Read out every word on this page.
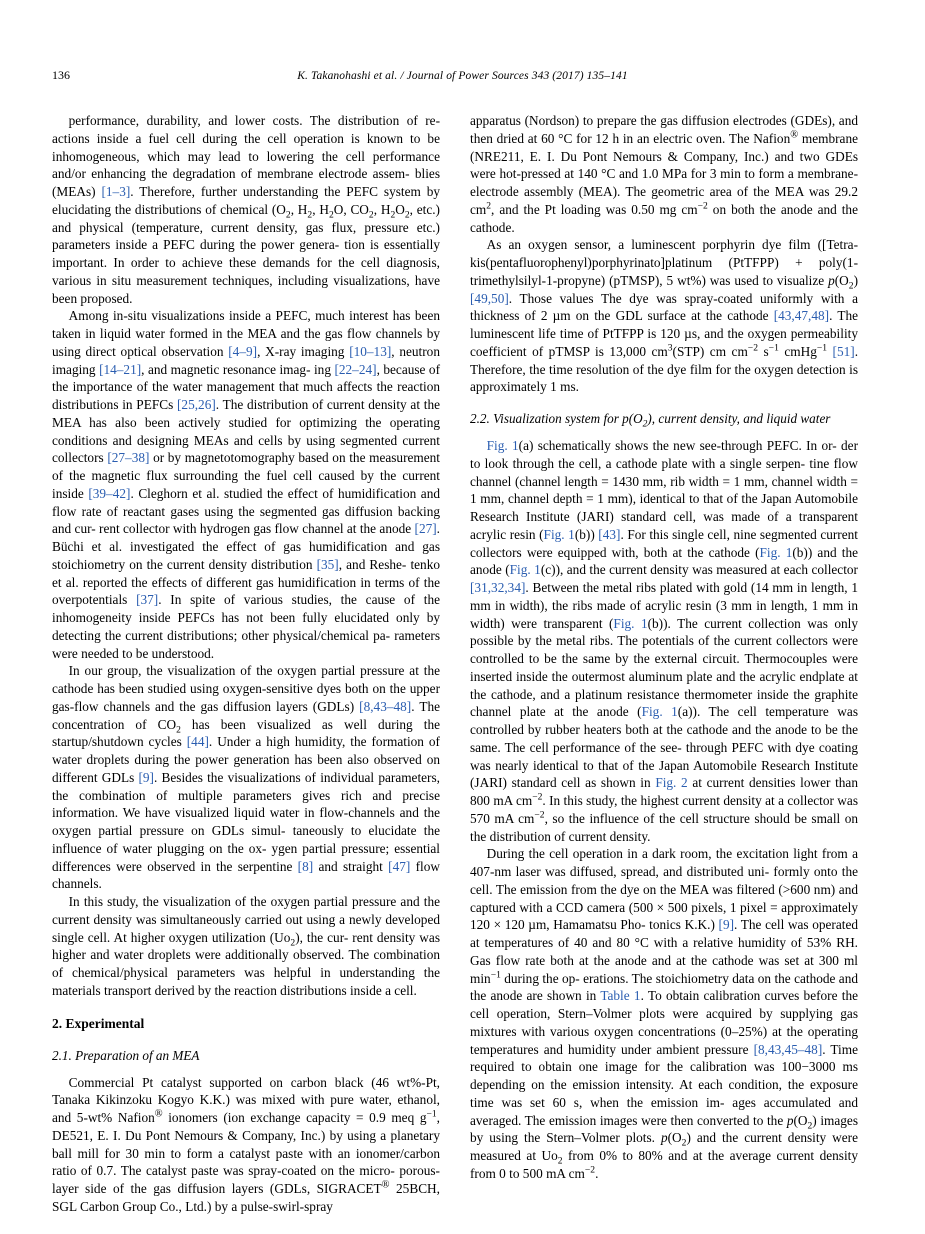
136	K. Takanohashi et al. / Journal of Power Sources 343 (2017) 135–141

performance, durability, and lower costs. The distribution of re- actions inside a fuel cell during the cell operation is known to be inhomogeneous, which may lead to lowering the cell performance and/or enhancing the degradation of membrane electrode assem- blies (MEAs) [1–3]. Therefore, further understanding the PEFC system by elucidating the distributions of chemical ($O_2$, $H_2$, $H_2O$, $CO_2$, $H_2O_2$, etc.) and physical (temperature, current density, gas flux, pressure etc.) parameters inside a PEFC during the power genera- tion is essentially important. In order to achieve these demands for the cell diagnosis, various in situ measurement techniques, including visualizations, have been proposed.

Among in-situ visualizations inside a PEFC, much interest has been taken in liquid water formed in the MEA and the gas flow channels by using direct optical observation [4–9], X-ray imaging [10–13], neutron imaging [14–21], and magnetic resonance imag- ing [22–24], because of the importance of the water management that much affects the reaction distributions in PEFCs [25,26]. The distribution of current density at the MEA has also been actively studied for optimizing the operating conditions and designing MEAs and cells by using segmented current collectors [27–38] or by magnetotomography based on the measurement of the magnetic flux surrounding the fuel cell caused by the current inside [39–42]. Cleghorn et al. studied the effect of humidification and flow rate of reactant gases using the segmented gas diffusion backing and cur- rent collector with hydrogen gas flow channel at the anode [27]. Büchi et al. investigated the effect of gas humidification and gas stoichiometry on the current density distribution [35], and Reshe- tenko et al. reported the effects of different gas humidification in terms of the overpotentials [37]. In spite of various studies, the cause of the inhomogeneity inside PEFCs has not been fully elucidated only by detecting the current distributions; other physical/chemical pa- rameters were needed to be understood.

In our group, the visualization of the oxygen partial pressure at the cathode has been studied using oxygen-sensitive dyes both on the upper gas-flow channels and the gas diffusion layers (GDLs) [8,43–48]. The concentration of $CO_2$ has been visualized as well during the startup/shutdown cycles [44]. Under a high humidity, the formation of water droplets during the power generation has been also observed on different GDLs [9]. Besides the visualizations of individual parameters, the combination of multiple parameters gives rich and precise information. We have visualized liquid water in flow-channels and the oxygen partial pressure on GDLs simul- taneously to elucidate the influence of water plugging on the ox- ygen partial pressure; essential differences were observed in the serpentine [8] and straight [47] flow channels.

In this study, the visualization of the oxygen partial pressure and the current density was simultaneously carried out using a newly developed single cell. At higher oxygen utilization $(Uo_2)$, the cur- rent density was higher and water droplets were additionally observed. The combination of chemical/physical parameters was helpful in understanding the materials transport derived by the reaction distributions inside a cell.

2. Experimental
2.1. Preparation of an MEA

Commercial Pt catalyst supported on carbon black (46 wt%-Pt, Tanaka Kikinzoku Kogyo K.K.) was mixed with pure water, ethanol, and 5-wt% Nafion® ionomers (ion exchange capacity = 0.9 meq $g^{-1}$, DE521, E. I. Du Pont Nemours & Company, Inc.) by using a planetary ball mill for 30 min to form a catalyst paste with an ionomer/carbon ratio of 0.7. The catalyst paste was spray-coated on the micro- porous-layer side of the gas diffusion layers (GDLs, SIGRACET® 25BCH, SGL Carbon Group Co., Ltd.) by a pulse-swirl-spray

apparatus (Nordson) to prepare the gas diffusion electrodes (GDEs), and then dried at 60 °C for 12 h in an electric oven. The Nafion® membrane (NRE211, E. I. Du Pont Nemours & Company, Inc.) and two GDEs were hot-pressed at 140 °C and 1.0 MPa for 3 min to form a membrane-electrode assembly (MEA). The geometric area of the MEA was 29.2 $cm^2$, and the Pt loading was 0.50 mg $cm^{-2}$ on both the anode and the cathode.

As an oxygen sensor, a luminescent porphyrin dye film ([Tetra- kis(pentafluorophenyl)porphyrinato]platinum (PtTFPP) + poly(1- trimethylsilyl-1-propyne) (pTMSP), 5 wt%) was used to visualize $p(O_2)$ [49,50]. Those values The dye was spray-coated uniformly with a thickness of 2 µm on the GDL surface at the cathode [43,47,48]. The luminescent life time of PtTFPP is 120 µs, and the oxygen permeability coefficient of pTMSP is 13,000 $cm^3(STP)$ cm $cm^{-2}$ $s^{-1}$ cmHg$^{-1}$ [51]. Therefore, the time resolution of the dye film for the oxygen detection is approximately 1 ms.

2.2. Visualization system for $p(O_2)$, current density, and liquid water

Fig. 1(a) schematically shows the new see-through PEFC. In or- der to look through the cell, a cathode plate with a single serpen- tine flow channel (channel length = 1430 mm, rib width = 1 mm, channel width = 1 mm, channel depth = 1 mm), identical to that of the Japan Automobile Research Institute (JARI) standard cell, was made of a transparent acrylic resin (Fig. 1(b)) [43]. For this single cell, nine segmented current collectors were equipped with, both at the cathode (Fig. 1(b)) and the anode (Fig. 1(c)), and the current density was measured at each collector [31,32,34]. Between the metal ribs plated with gold (14 mm in length, 1 mm in width), the ribs made of acrylic resin (3 mm in length, 1 mm in width) were transparent (Fig. 1(b)). The current collection was only possible by the metal ribs. The potentials of the current collectors were controlled to be the same by the external circuit. Thermocouples were inserted inside the outermost aluminum plate and the acrylic endplate at the cathode, and a platinum resistance thermometer inside the graphite channel plate at the anode (Fig. 1(a)). The cell temperature was controlled by rubber heaters both at the cathode and the anode to be the same. The cell performance of the see- through PEFC with dye coating was nearly identical to that of the Japan Automobile Research Institute (JARI) standard cell as shown in Fig. 2 at current densities lower than 800 mA $cm^{-2}$. In this study, the highest current density at a collector was 570 mA $cm^{-2}$, so the influence of the cell structure should be small on the distribution of current density.

During the cell operation in a dark room, the excitation light from a 407-nm laser was diffused, spread, and distributed uni- formly onto the cell. The emission from the dye on the MEA was filtered (>600 nm) and captured with a CCD camera (500 × 500 pixels, 1 pixel = approximately 120 × 120 µm, Hamamatsu Pho- tonics K.K.) [9]. The cell was operated at temperatures of 40 and 80 °C with a relative humidity of 53% RH. Gas flow rate both at the anode and at the cathode was set at 300 ml $\min^{-1}$ during the op- erations. The stoichiometry data on the cathode and the anode are shown in Table 1. To obtain calibration curves before the cell operation, Stern–Volmer plots were acquired by supplying gas mixtures with various oxygen concentrations (0–25%) at the operating temperatures and humidity under ambient pressure [8,43,45–48]. Time required to obtain one image for the calibration was 100−3000 ms depending on the emission intensity. At each condition, the exposure time was set 60 s, when the emission im- ages accumulated and averaged. The emission images were then converted to the $p(O_2)$ images by using the Stern–Volmer plots. $p(O_2)$ and the current density were measured at $Uo_2$ from 0% to 80% and at the average current density from 0 to 500 mA $cm^{-2}$.
